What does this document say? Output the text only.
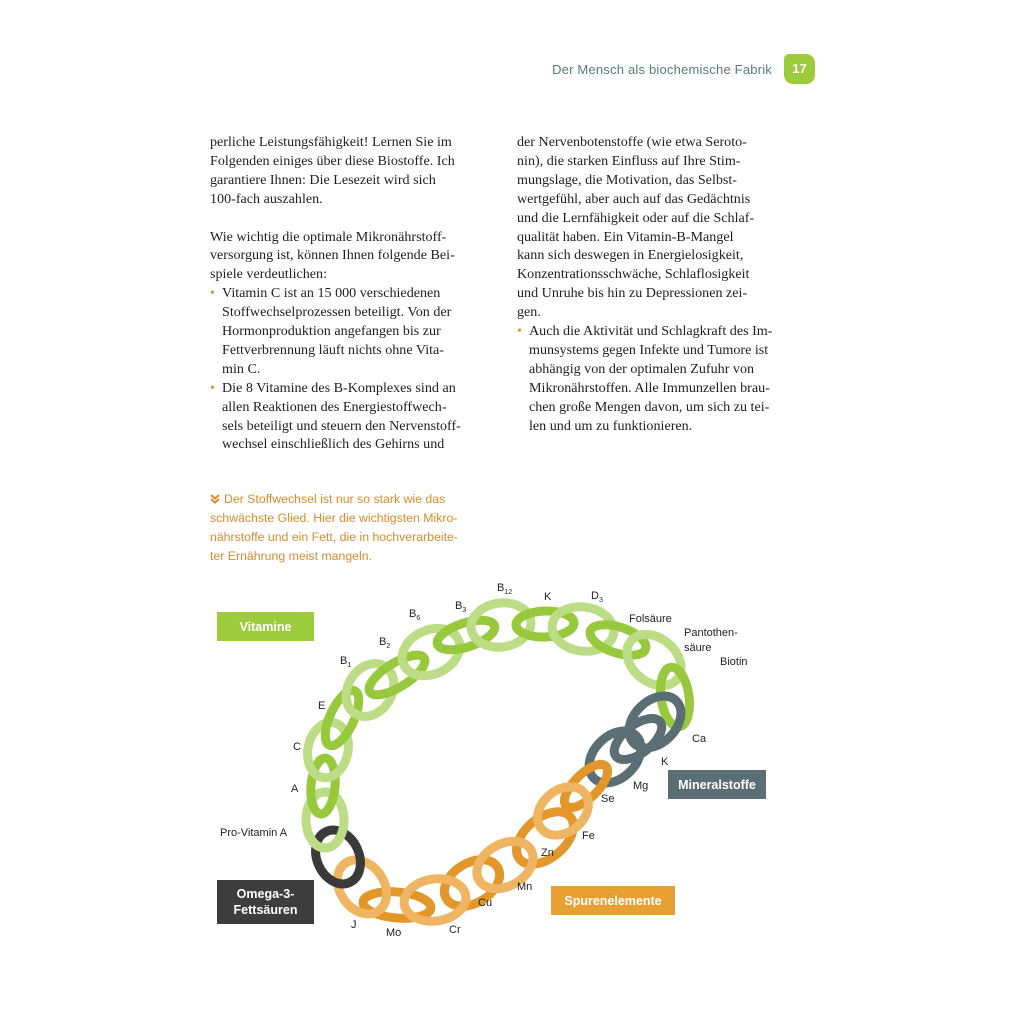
Der Mensch als biochemische Fabrik	17

perliche Leistungsfähigkeit! Lernen Sie im
Folgenden einiges über diese Biostoffe. Ich
garantiere Ihnen: Die Lesezeit wird sich
100-fach auszahlen.

Wie wichtig die optimale Mikronährstoff-
versorgung ist, können Ihnen folgende Bei-
spiele verdeutlichen:

• Vitamin C ist an 15 000 verschiedenen
Stoffwechselprozessen beteiligt. Von der
Hormonproduktion angefangen bis zur
Fettverbrennung läuft nichts ohne Vita-
min C.
• Die 8 Vitamine des B-Komplexes sind an
allen Reaktionen des Energiestoffwech-
sels beteiligt und steuern den Nervenstoff-
wechsel einschließlich des Gehirns und

der Nervenbotenstoffe (wie etwa Seroto-
nin), die starken Einfluss auf Ihre Stim-
mungslage, die Motivation, das Selbst-
wertgefühl, aber auch auf das Gedächtnis
und die Lernfähigkeit oder auf die Schlaf-
qualität haben. Ein Vitamin-B-Mangel
kann sich deswegen in Energielosigkeit,
Konzentrationsschwäche, Schlaflosigkeit
und Unruhe bis hin zu Depressionen zei-
gen.

• Auch die Aktivität und Schlagkraft des Im-
munsystems gegen Infekte und Tumore ist
abhängig von der optimalen Zufuhr von
Mikronährstoffen. Alle Immunzellen brau-
chen große Mengen davon, um sich zu tei-
len und um zu funktionieren.
Der Stoffwechsel ist nur so stark wie das
schwächste Glied. Hier die wichtigsten Mikro-
nährstoffe und ein Fett, die in hochverarbeite-
ter Ernährung meist mangeln.
Pro-Vitamin A
A
C
E
$B_1$
$B_2$
$B_6$
$B_3$
$B_{12}$	K	$D_3$
Folsäure
Pantothen-
säure
Biotin
Ca
K
Mg
Se
Fe
Zn
Mn
Cu
Cr
Mo
J
Vitamine
Mineralstoffe
Spurenelemente
Omega-3-
Fettsäuren
